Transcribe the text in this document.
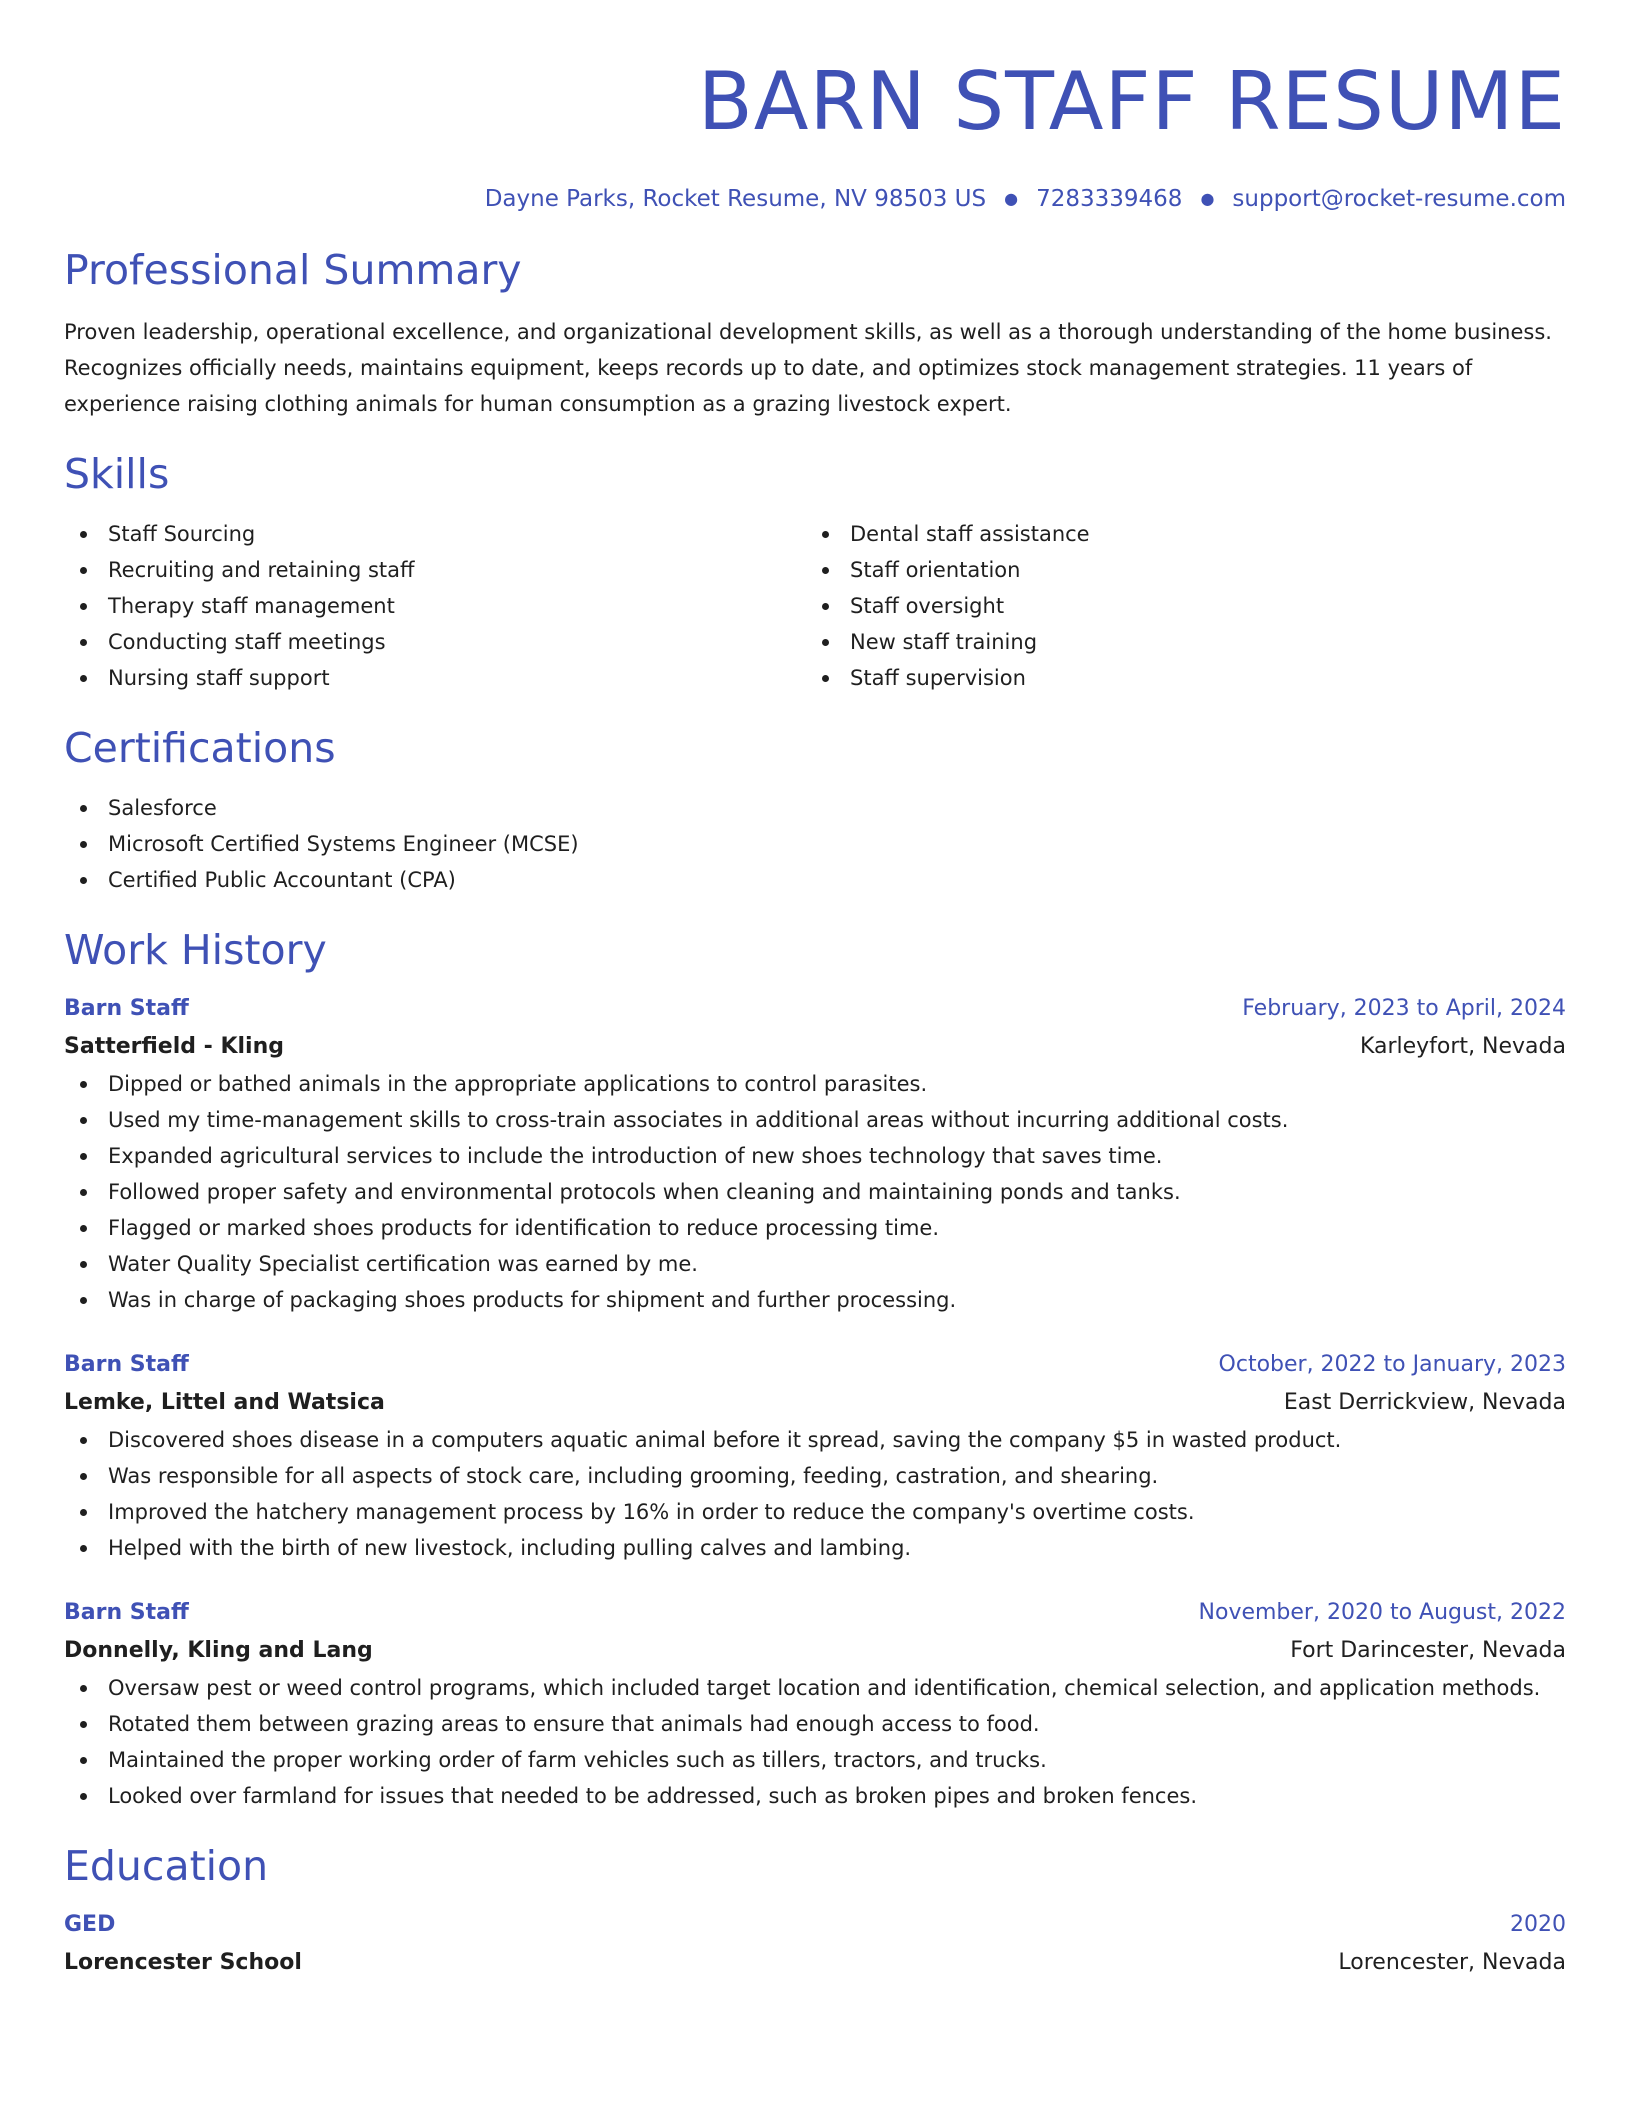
BARN STAFF RESUME
Dayne Parks, Rocket Resume, NV 98503 US ● 7283339468 ● support@rocket-resume.com
Professional Summary

Proven leadership, operational excellence, and organizational development skills, as well as a thorough understanding of the home business. Recognizes officially needs, maintains equipment, keeps records up to date, and optimizes stock management strategies. 11 years of experience raising clothing animals for human consumption as a grazing livestock expert.

Skills
Staff Sourcing
Recruiting and retaining staff
Therapy staff management
Conducting staff meetings
Nursing staff support
Dental staff assistance
Staff orientation
Staff oversight
New staff training
Staff supervision
Certifications
Salesforce
Microsoft Certified Systems Engineer (MCSE)
Certified Public Accountant (CPA)
Work History
Barn Staff	February, 2023 to April, 2024
Satterfield - Kling	Karleyfort, Nevada
Dipped or bathed animals in the appropriate applications to control parasites.
Used my time-management skills to cross-train associates in additional areas without incurring additional costs.
Expanded agricultural services to include the introduction of new shoes technology that saves time.
Followed proper safety and environmental protocols when cleaning and maintaining ponds and tanks.
Flagged or marked shoes products for identification to reduce processing time.
Water Quality Specialist certification was earned by me.
Was in charge of packaging shoes products for shipment and further processing.
Barn Staff	October, 2022 to January, 2023
Lemke, Littel and Watsica	East Derrickview, Nevada
Discovered shoes disease in a computers aquatic animal before it spread, saving the company $5 in wasted product.
Was responsible for all aspects of stock care, including grooming, feeding, castration, and shearing.
Improved the hatchery management process by 16% in order to reduce the company's overtime costs.
Helped with the birth of new livestock, including pulling calves and lambing.
Barn Staff	November, 2020 to August, 2022
Donnelly, Kling and Lang	Fort Darincester, Nevada
Oversaw pest or weed control programs, which included target location and identification, chemical selection, and application methods.
Rotated them between grazing areas to ensure that animals had enough access to food.
Maintained the proper working order of farm vehicles such as tillers, tractors, and trucks.
Looked over farmland for issues that needed to be addressed, such as broken pipes and broken fences.
Education
GED	2020
Lorencester School	Lorencester, Nevada
